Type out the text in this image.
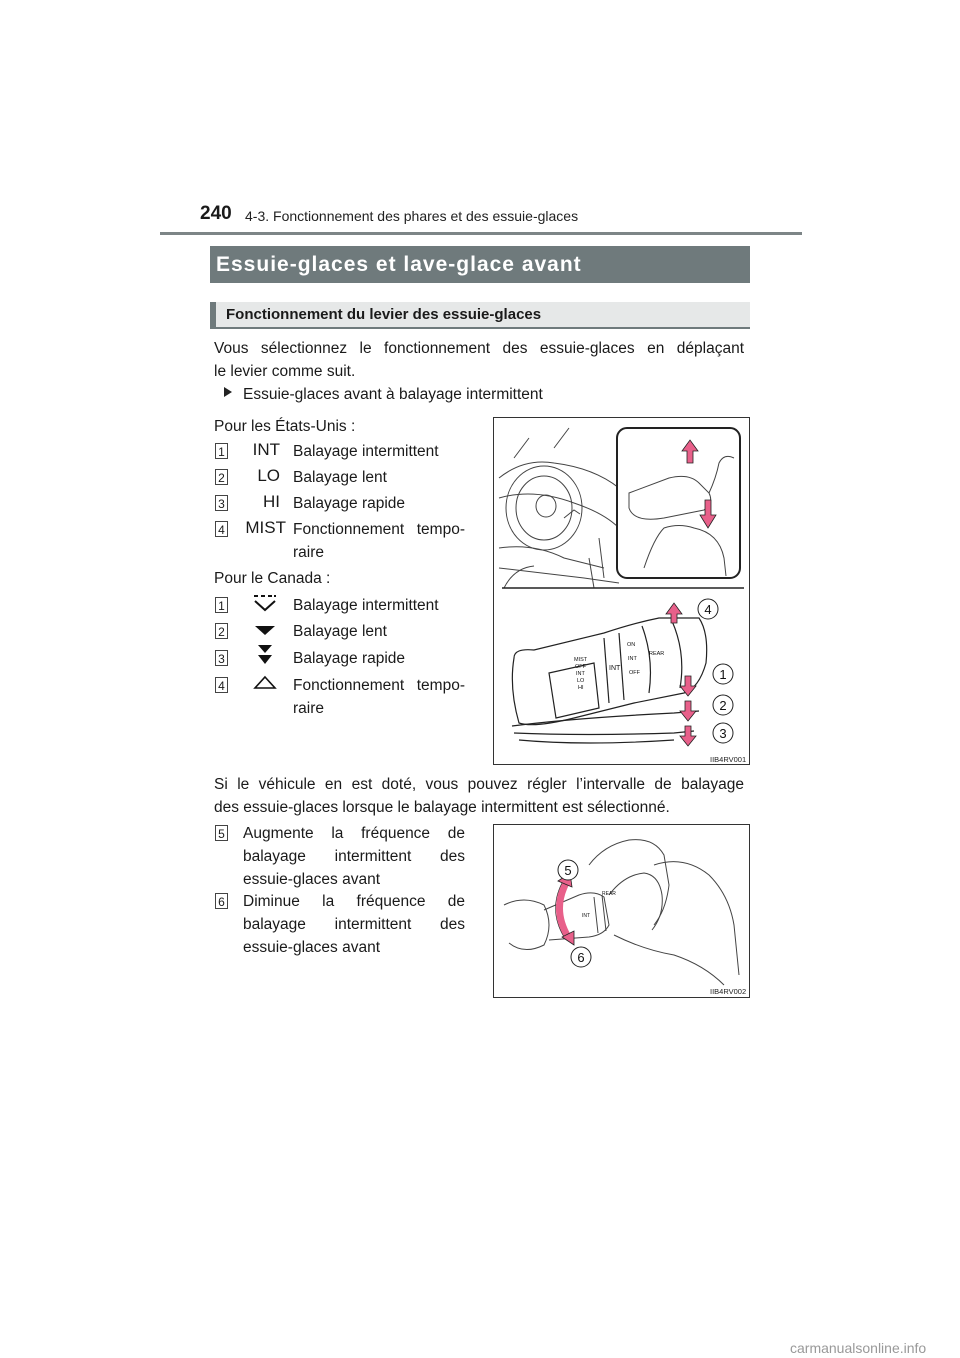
240 4-3. Fonctionnement des phares et des essuie-glaces
Essuie-glaces et lave-glace avant
Fonctionnement du levier des essuie-glaces
Vous sélectionnez le fonctionnement des essuie-glaces en déplaçant
le levier comme suit.
Essuie-glaces avant à balayage intermittent
Pour les États-Unis :
1	INT Balayage intermittent
2	LO Balayage lent
3	HI Balayage rapide
4	MIST Fonctionnement tempo-
raire
Pour le Canada :
1	Balayage intermittent
2	Balayage lent
3	Balayage rapide
4	Fonctionnement tempo-
raire
MIST
OFF
INT
LO
HI
INT
ON
INT
OFF
REAR
4
1
2
3
IIB4RV001
Si le véhicule en est doté, vous pouvez régler l’intervalle de balayage
des essuie-glaces lorsque le balayage intermittent est sélectionné.
5 Augmente la fréquence de
balayage intermittent des
essuie-glaces avant
6 Diminue la fréquence de
balayage intermittent des
essuie-glaces avant
INT
REAR
5
6
IIB4RV002
carmanualsonline.info
